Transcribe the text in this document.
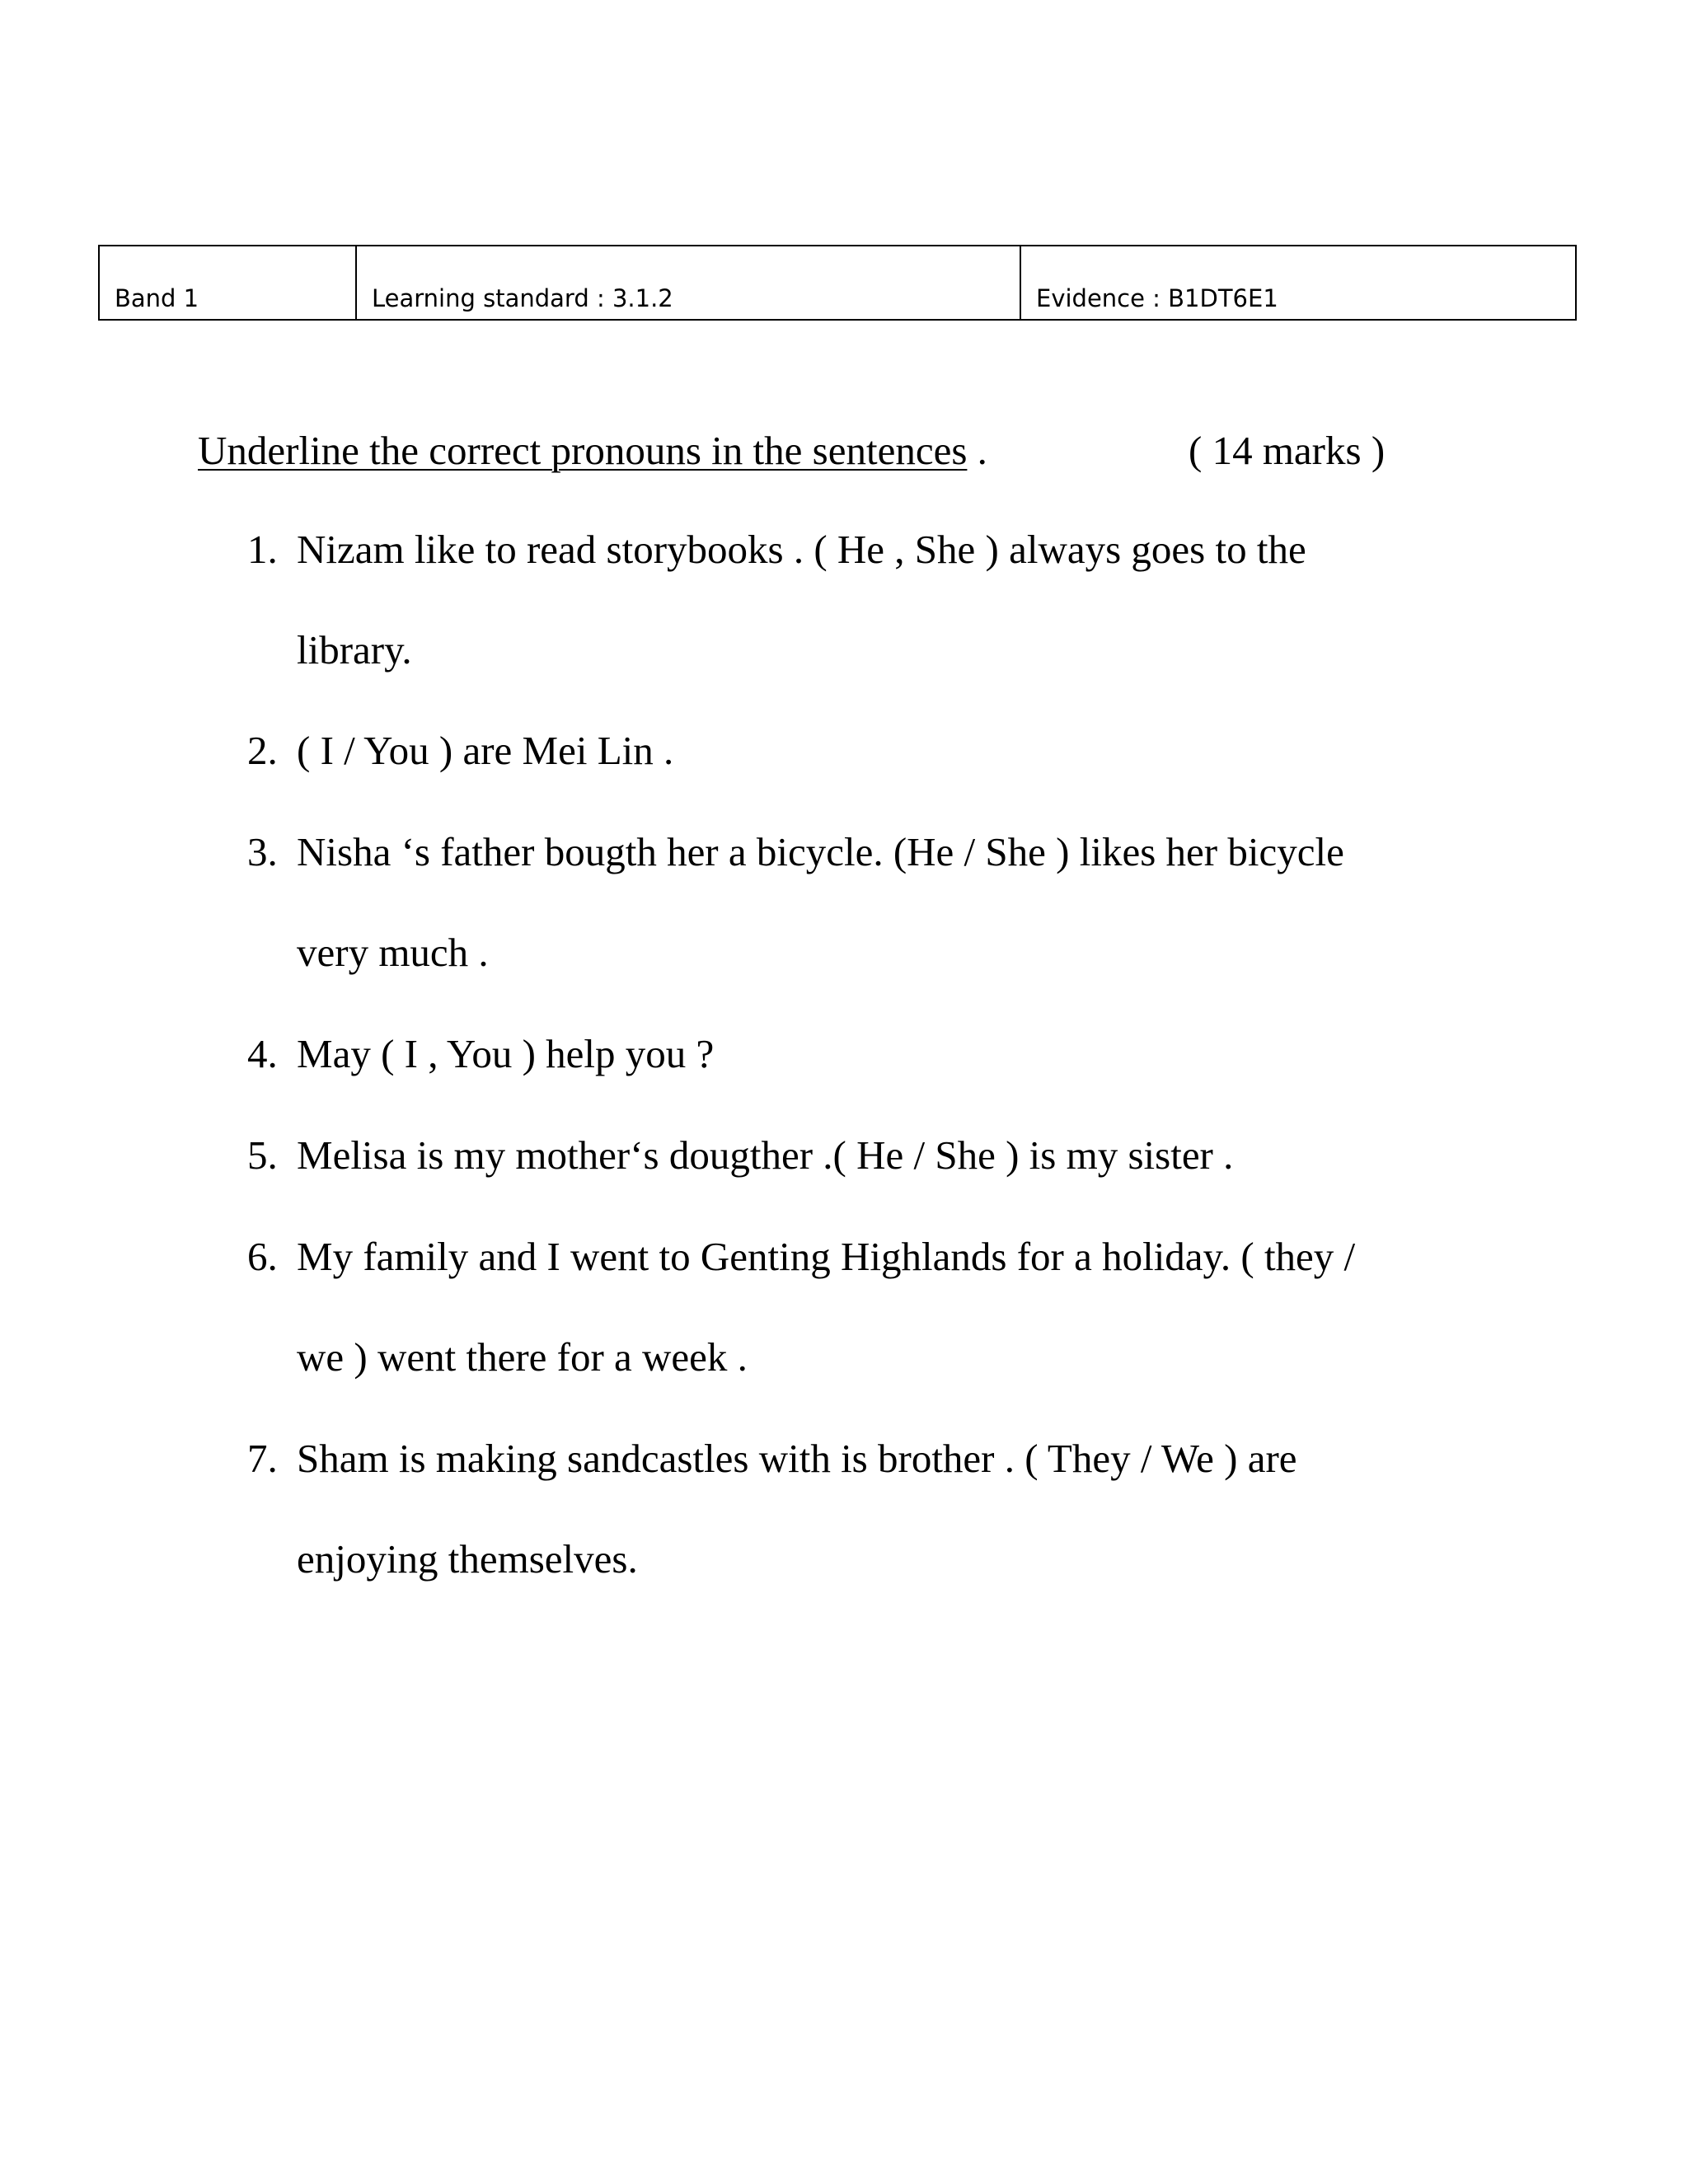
Band 1	Learning standard : 3.1.2	Evidence : B1DT6E1
Underline the correct pronouns in the sentences .	( 14 marks )
1. Nizam like to read storybooks . ( He , She ) always goes to the
library.
2. ( I / You ) are Mei Lin .
3. Nisha ‘s father bougth her a bicycle. (He / She ) likes her bicycle
very much .
4. May ( I , You ) help you ?
5. Melisa is my mother‘s dougther .( He / She ) is my sister .
6. My family and I went to Genting Highlands for a holiday. ( they /
we ) went there for a week .
7. Sham is making sandcastles with is brother . ( They / We ) are
enjoying themselves.
